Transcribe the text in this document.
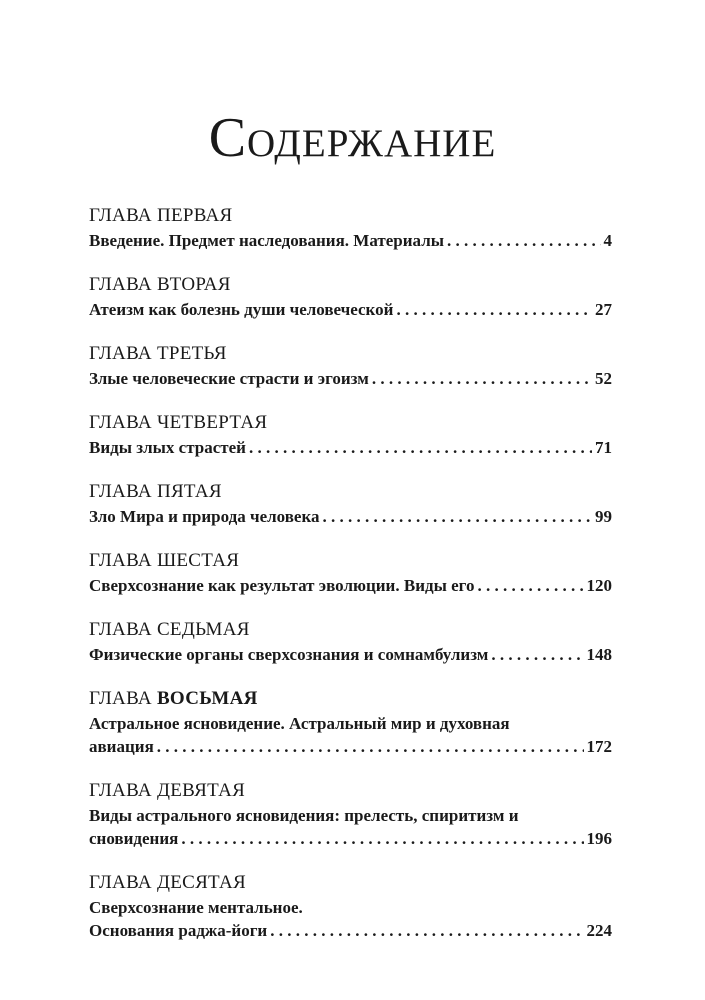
Содержание
ГЛАВА ПЕРВАЯ
Введение. Предмет наследования. Материалы . . .	4
ГЛАВА ВТОРАЯ
Атеизм как болезнь души человеческой . . .	27
ГЛАВА ТРЕТЬЯ
Злые человеческие страсти и эгоизм . . .	52
ГЛАВА ЧЕТВЕРТАЯ
Виды злых страстей . . .	71
ГЛАВА ПЯТАЯ
Зло Мира и природа человека . . .	99
ГЛАВА ШЕСТАЯ
Сверхсознание как результат эволюции. Виды его . . .	120
ГЛАВА СЕДЬМАЯ
Физические органы сверхсознания и сомнамбулизм . . .	148
ГЛАВА ВОСЬМАЯ
Астральное ясновидение. Астральный мир и духовная
авиация . . .	172
ГЛАВА ДЕВЯТАЯ
Виды астрального ясновидения: прелесть, спиритизм и
сновидения . . .	196
ГЛАВА ДЕСЯТАЯ
Сверхсознание ментальное.
Основания раджа-йоги . . .	224
